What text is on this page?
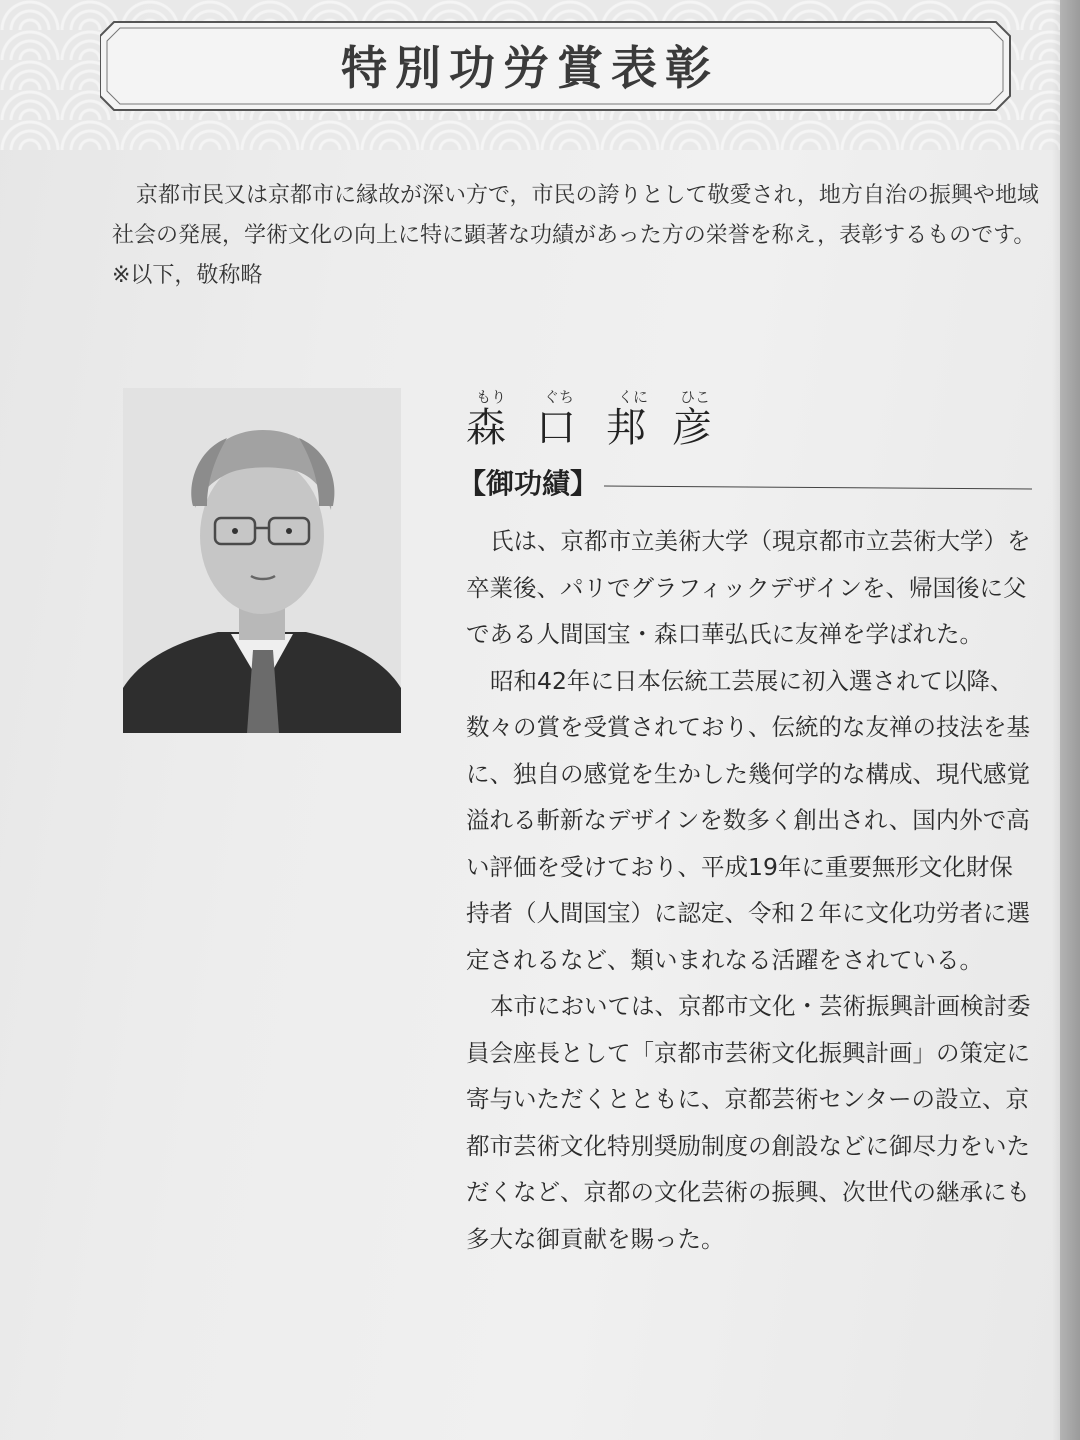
特別功労賞表彰
京都市民又は京都市に縁故が深い方で，市民の誇りとして敬愛され，地方自治の振興や地域社会の発展，学術文化の向上に特に顕著な功績があった方の栄誉を称え，表彰するものです。※以下，敬称略
もり	ぐち	くに ひこ
森 口 邦 彦
【御功績】

氏は、京都市立美術大学（現京都市立芸術大学）を卒業後、パリでグラフィックデザインを、帰国後に父である人間国宝・森口華弘氏に友禅を学ばれた。

昭和42年に日本伝統工芸展に初入選されて以降、数々の賞を受賞されており、伝統的な友禅の技法を基に、独自の感覚を生かした幾何学的な構成、現代感覚溢れる斬新なデザインを数多く創出され、国内外で高い評価を受けており、平成19年に重要無形文化財保持者（人間国宝）に認定、令和２年に文化功労者に選定されるなど、類いまれなる活躍をされている。

本市においては、京都市文化・芸術振興計画検討委員会座長として「京都市芸術文化振興計画」の策定に寄与いただくとともに、京都芸術センターの設立、京都市芸術文化特別奨励制度の創設などに御尽力をいただくなど、京都の文化芸術の振興、次世代の継承にも多大な御貢献を賜った。
